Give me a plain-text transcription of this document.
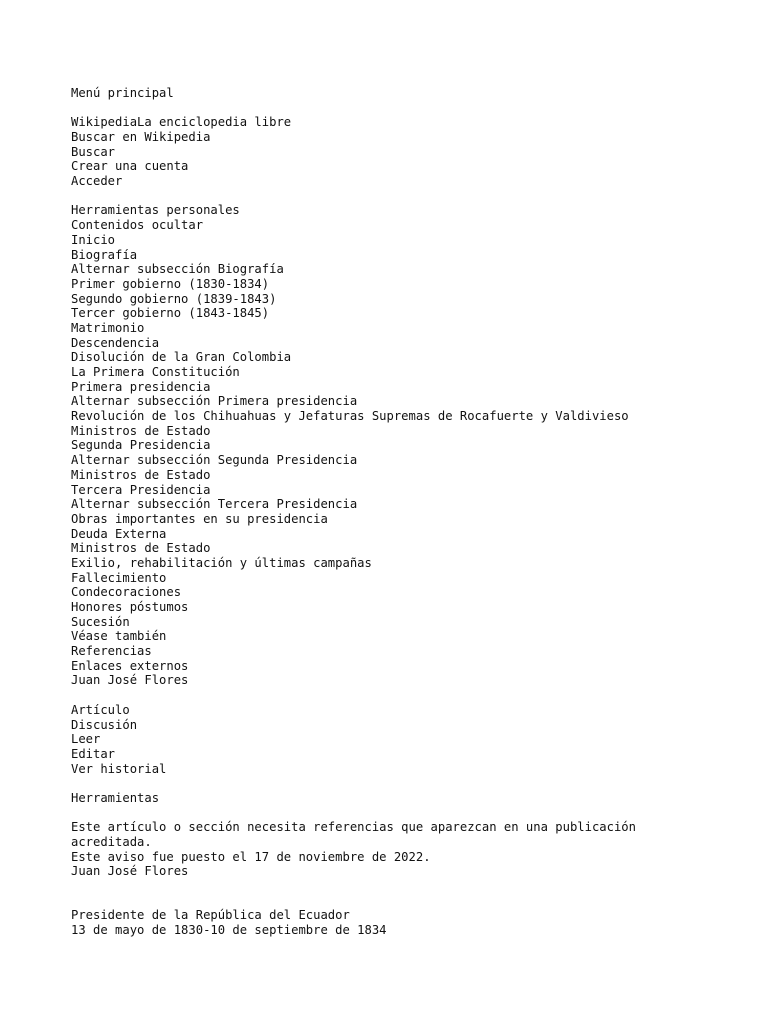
Menú principal
WikipediaLa enciclopedia libre
Buscar en Wikipedia
Buscar
Crear una cuenta
Acceder
Herramientas personales
Contenidos ocultar
Inicio
Biografía
Alternar subsección Biografía
Primer gobierno (1830-1834)
Segundo gobierno (1839-1843)
Tercer gobierno (1843-1845)
Matrimonio
Descendencia
Disolución de la Gran Colombia
La Primera Constitución
Primera presidencia
Alternar subsección Primera presidencia
Revolución de los Chihuahuas y Jefaturas Supremas de Rocafuerte y Valdivieso
Ministros de Estado
Segunda Presidencia
Alternar subsección Segunda Presidencia
Ministros de Estado
Tercera Presidencia
Alternar subsección Tercera Presidencia
Obras importantes en su presidencia
Deuda Externa
Ministros de Estado
Exilio, rehabilitación y últimas campañas
Fallecimiento
Condecoraciones
Honores póstumos
Sucesión
Véase también
Referencias
Enlaces externos
Juan José Flores
Artículo
Discusión
Leer
Editar
Ver historial
Herramientas
Este artículo o sección necesita referencias que aparezcan en una publicación acreditada.
Este aviso fue puesto el 17 de noviembre de 2022.
Juan José Flores
Presidente de la República del Ecuador
13 de mayo de 1830-10 de septiembre de 1834
